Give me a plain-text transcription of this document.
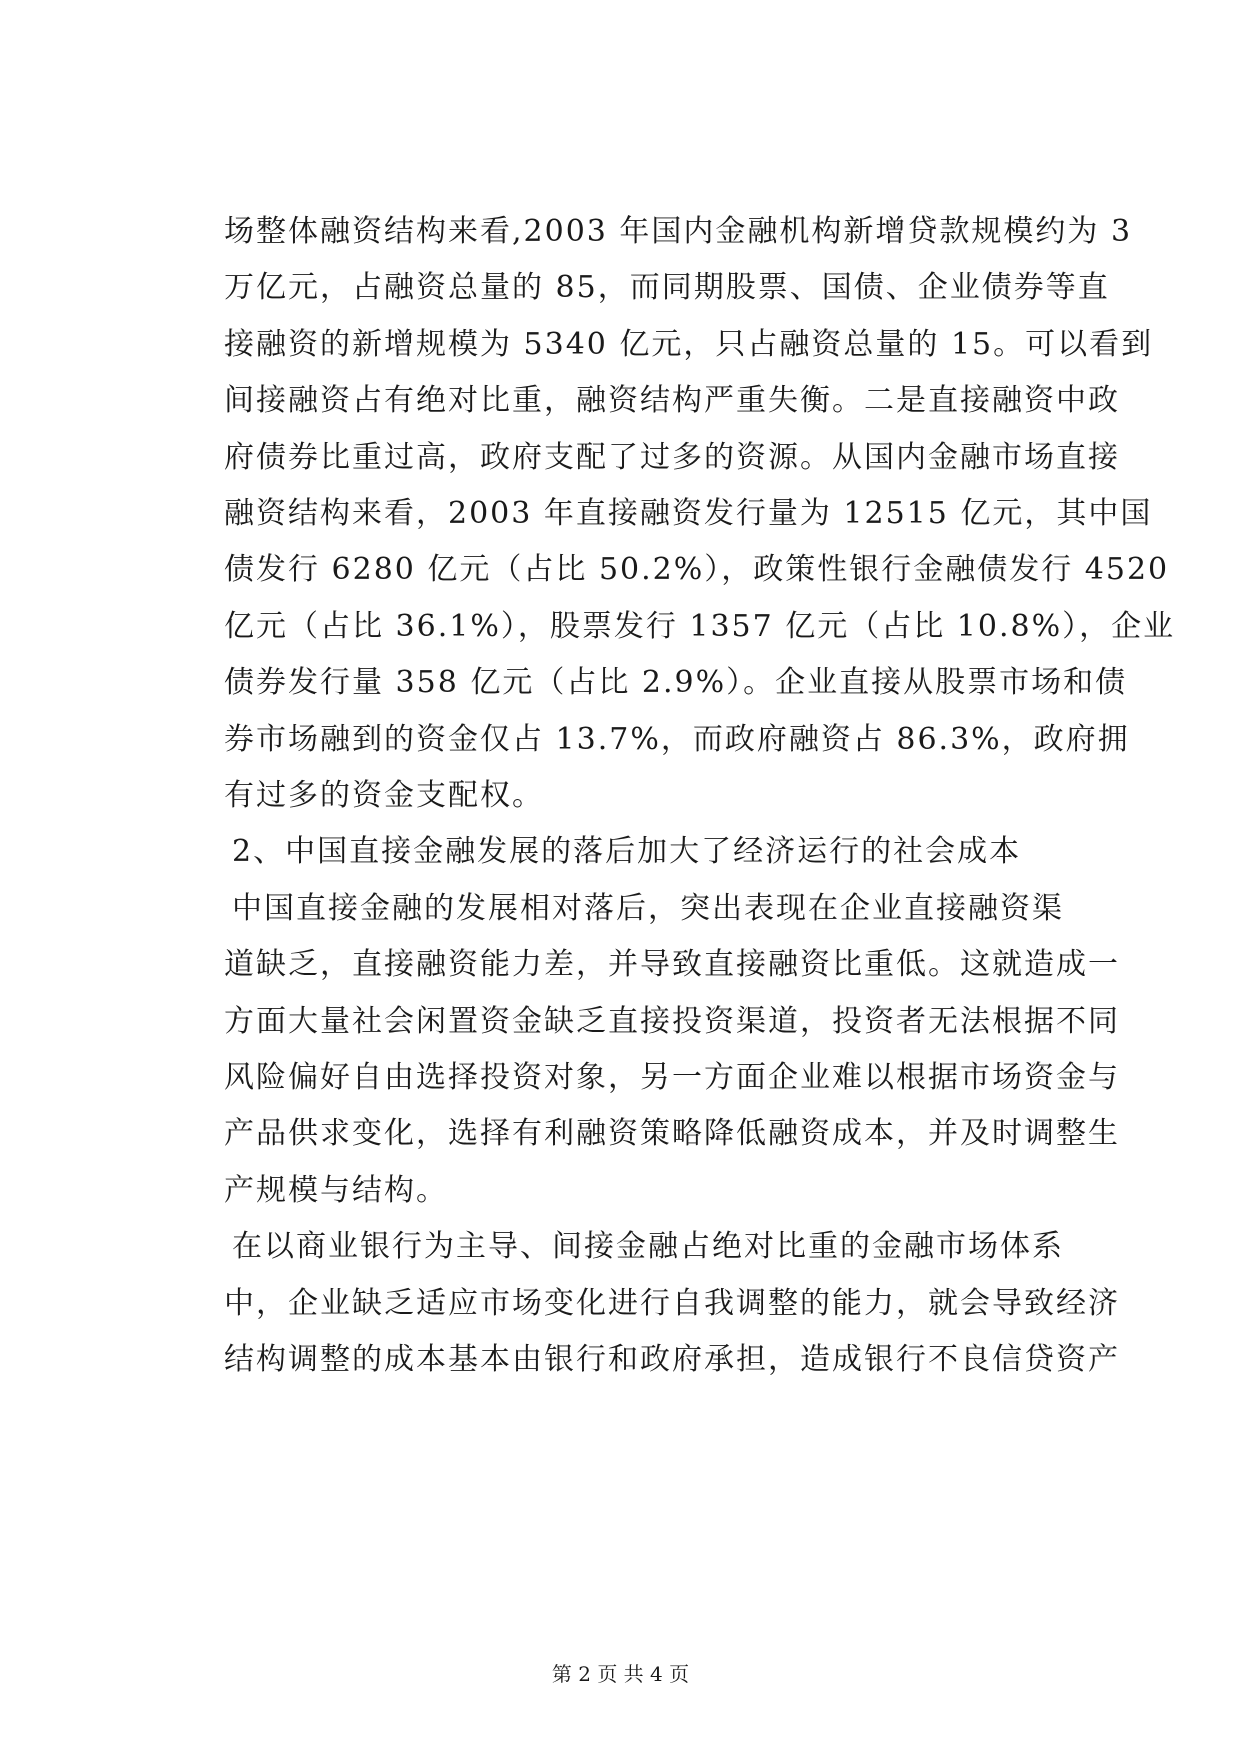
场整体融资结构来看,2003 年国内金融机构新增贷款规模约为 3
万亿元，占融资总量的 85，而同期股票、国债、企业债券等直
接融资的新增规模为 5340 亿元，只占融资总量的 15。可以看到
间接融资占有绝对比重，融资结构严重失衡。二是直接融资中政
府债券比重过高，政府支配了过多的资源。从国内金融市场直接
融资结构来看，2003 年直接融资发行量为 12515 亿元，其中国
债发行 6280 亿元（占比 50.2%），政策性银行金融债发行 4520
亿元（占比 36.1%），股票发行 1357 亿元（占比 10.8%），企业
债券发行量 358 亿元（占比 2.9%）。企业直接从股票市场和债
券市场融到的资金仅占 13.7%，而政府融资占 86.3%，政府拥
有过多的资金支配权。
2、中国直接金融发展的落后加大了经济运行的社会成本
中国直接金融的发展相对落后，突出表现在企业直接融资渠
道缺乏，直接融资能力差，并导致直接融资比重低。这就造成一
方面大量社会闲置资金缺乏直接投资渠道，投资者无法根据不同
风险偏好自由选择投资对象，另一方面企业难以根据市场资金与
产品供求变化，选择有利融资策略降低融资成本，并及时调整生
产规模与结构。
在以商业银行为主导、间接金融占绝对比重的金融市场体系
中，企业缺乏适应市场变化进行自我调整的能力，就会导致经济
结构调整的成本基本由银行和政府承担，造成银行不良信贷资产
第 2 页 共 4 页
